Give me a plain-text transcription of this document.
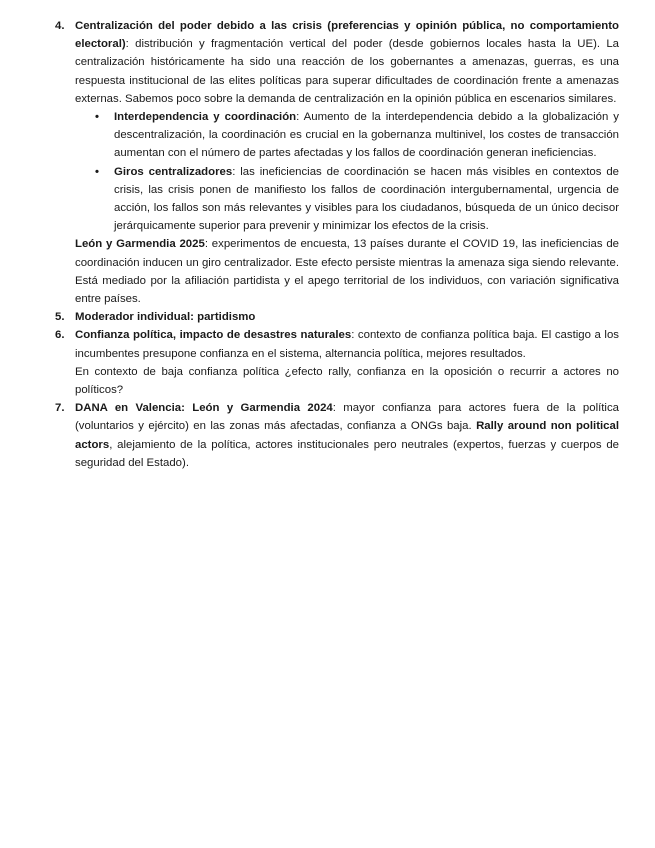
4. Centralización del poder debido a las crisis (preferencias y opinión pública, no comportamiento electoral): distribución y fragmentación vertical del poder (desde gobiernos locales hasta la UE). La centralización históricamente ha sido una reacción de los gobernantes a amenazas, guerras, es una respuesta institucional de las elites políticas para superar dificultades de coordinación frente a amenazas externas. Sabemos poco sobre la demanda de centralización en la opinión pública en escenarios similares.

• Interdependencia y coordinación: Aumento de la interdependencia debido a la globalización y descentralización, la coordinación es crucial en la gobernanza multinivel, los costes de transacción aumentan con el número de partes afectadas y los fallos de coordinación generan ineficiencias.
• Giros centralizadores: las ineficiencias de coordinación se hacen más visibles en contextos de crisis, las crisis ponen de manifiesto los fallos de coordinación intergubernamental, urgencia de acción, los fallos son más relevantes y visibles para los ciudadanos, búsqueda de un único decisor jerárquicamente superior para prevenir y minimizar los efectos de la crisis.

León y Garmendia 2025: experimentos de encuesta, 13 países durante el COVID 19, las ineficiencias de coordinación inducen un giro centralizador. Este efecto persiste mientras la amenaza siga siendo relevante. Está mediado por la afiliación partidista y el apego territorial de los individuos, con variación significativa entre países.

5. Moderador individual: partidismo

6. Confianza política, impacto de desastres naturales: contexto de confianza política baja. El castigo a los incumbentes presupone confianza en el sistema, alternancia política, mejores resultados.

En contexto de baja confianza política ¿efecto rally, confianza en la oposición o recurrir a actores no políticos?

7. DANA en Valencia: León y Garmendia 2024: mayor confianza para actores fuera de la política (voluntarios y ejército) en las zonas más afectadas, confianza a ONGs baja. Rally around non political actors, alejamiento de la política, actores institucionales pero neutrales (expertos, fuerzas y cuerpos de seguridad del Estado).
